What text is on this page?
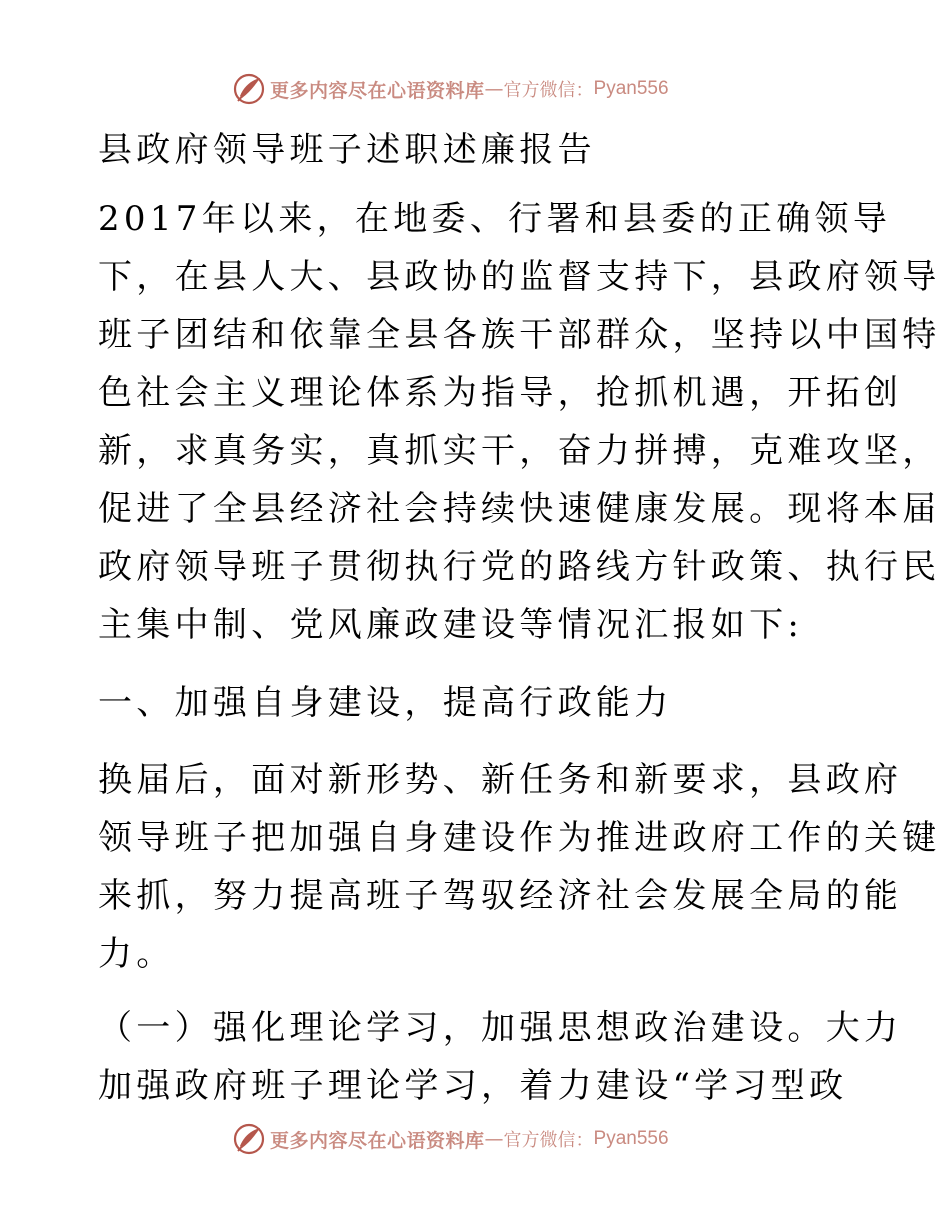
更多内容尽在心语资料库 — 官方微信： Pyan556
县政府领导班子述职述廉报告

2017年以来，在地委、行署和县委的正确领导

下，在县人大、县政协的监督支持下，县政府领导

班子团结和依靠全县各族干部群众，坚持以中国特

色社会主义理论体系为指导，抢抓机遇，开拓创

新，求真务实，真抓实干，奋力拼搏，克难攻坚，

促进了全县经济社会持续快速健康发展。现将本届

政府领导班子贯彻执行党的路线方针政策、执行民

主集中制、党风廉政建设等情况汇报如下:

一、加强自身建设，提高行政能力

换届后，面对新形势、新任务和新要求，县政府

领导班子把加强自身建设作为推进政府工作的关键

来抓，努力提高班子驾驭经济社会发展全局的能

力。

（一）强化理论学习，加强思想政治建设。大力

加强政府班子理论学习，着力建设“学习型政

更多内容尽在心语资料库 — 官方微信： Pyan556
